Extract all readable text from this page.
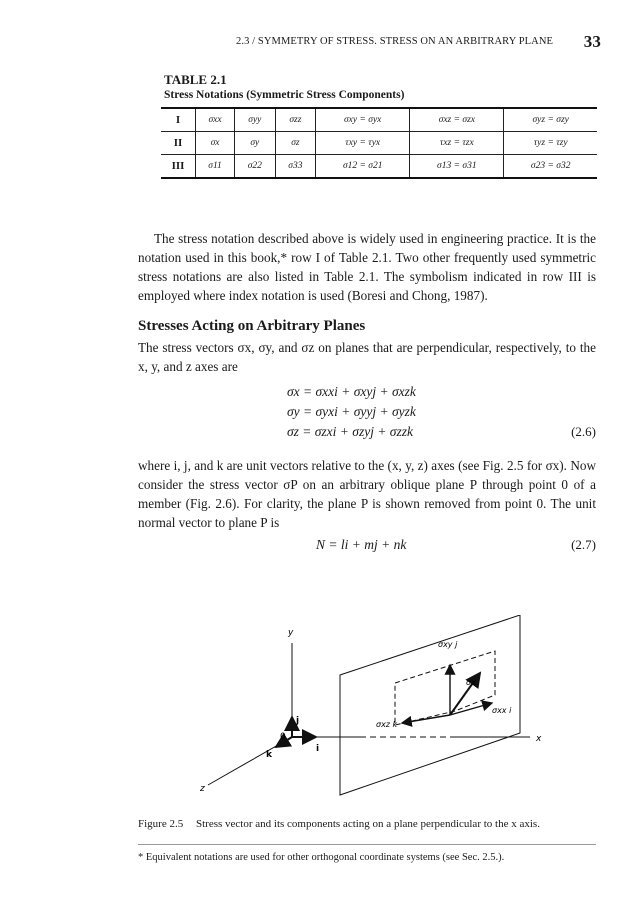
2.3 / SYMMETRY OF STRESS. STRESS ON AN ARBITRARY PLANE 33
TABLE 2.1
Stress Notations (Symmetric Stress Components)
I	σxx	σyy	σzz	σxy = σyx	σxz = σzx	σyz = σzy
II	σx	σy	σz	τxy = τyx	τxz = τzx	τyz = τzy
III	σ11	σ22	σ33	σ12 = σ21	σ13 = σ31	σ23 = σ32

The stress notation described above is widely used in engineering practice. It is the notation used in this book,* row I of Table 2.1. Two other frequently used symmetric stress notations are also listed in Table 2.1. The symbolism indicated in row III is employed where index notation is used (Boresi and Chong, 1987).

Stresses Acting on Arbitrary Planes

The stress vectors σx, σy, and σz on planes that are perpendicular, respectively, to the x, y, and z axes are

σx = σxxi + σxyj + σxzk
σy = σyxi + σyyj + σyzk
σz = σzxi + σzyj + σzzk	(2.6)

where i, j, and k are unit vectors relative to the (x, y, z) axes (see Fig. 2.5 for σx). Now consider the stress vector σP on an arbitrary oblique plane P through point 0 of a member (Fig. 2.6). For clarity, the plane P is shown removed from point 0. The unit normal vector to plane P is

N = li + mj + nk	(2.7)
y
x
z
0
j
i
k
σxy j
σx
σxx i
σxz k
Figure 2.5 Stress vector and its components acting on a plane perpendicular to the x axis.
* Equivalent notations are used for other orthogonal coordinate systems (see Sec. 2.5.).
